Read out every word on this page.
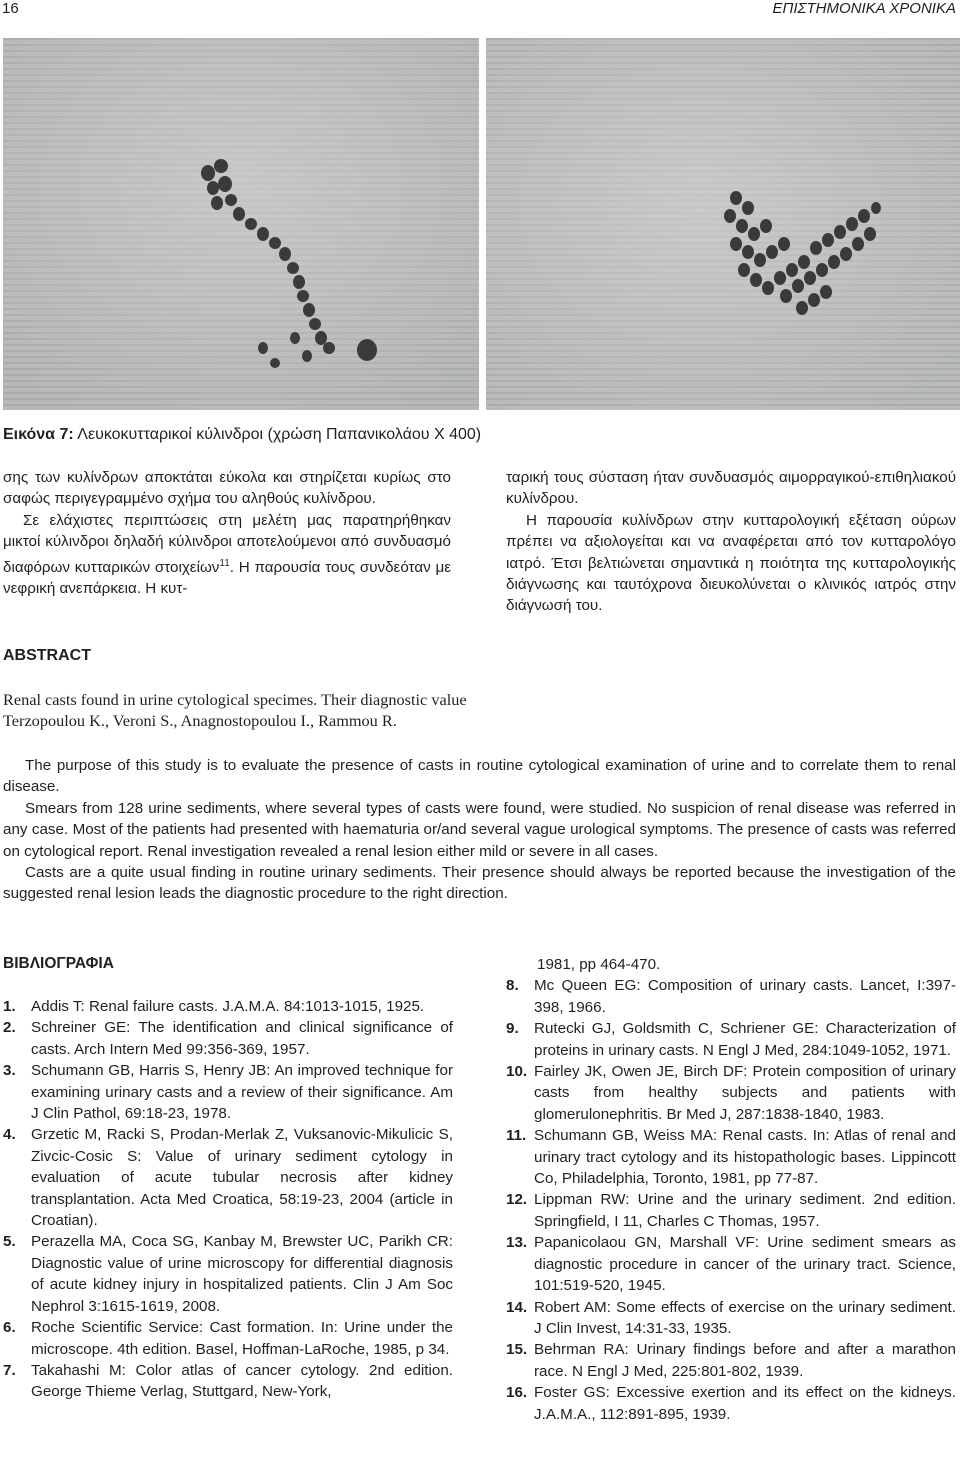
16	ΕΠΙΣΤΗΜΟΝΙΚΑ ΧΡΟΝΙΚΑ
Εικόνα 7: Λευκοκυτταρικοί κύλινδροι (χρώση Παπανικολάου Χ 400)

σης των κυλίνδρων αποκτάται εύκολα και στηρίζεται κυρίως στο σαφώς περιγεγραμμένο σχήμα του αληθούς κυλίνδρου.

Σε ελάχιστες περιπτώσεις στη μελέτη μας παρατηρήθηκαν μικτοί κύλινδροι δηλαδή κύλινδροι αποτελούμενοι από συνδυασμό διαφόρων κυτταρικών στοιχείων$^{11}$. Η παρουσία τους συνδεόταν με νεφρική ανεπάρκεια. Η κυτ-

ταρική τους σύσταση ήταν συνδυασμός αιμορραγικού-επιθηλιακού κυλίνδρου.

Η παρουσία κυλίνδρων στην κυτταρολογική εξέταση ούρων πρέπει να αξιολογείται και να αναφέρεται από τον κυτταρολόγο ιατρό. Έτσι βελτιώνεται σημαντικά η ποιότητα της κυτταρολογικής διάγνωσης και ταυτόχρονα διευκολύνεται ο κλινικός ιατρός στην διάγνωσή του.

ABSTRACT
Renal casts found in urine cytological specimes. Their diagnostic value
Terzopoulou K., Veroni S., Anagnostopoulou I., Rammou R.

The purpose of this study is to evaluate the presence of casts in routine cytological examination of urine and to correlate them to renal disease.

Smears from 128 urine sediments, where several types of casts were found, were studied. No suspicion of renal disease was referred in any case. Most of the patients had presented with haematuria or/and several vague urological symptoms. The presence of casts was referred on cytological report. Renal investigation revealed a renal lesion either mild or severe in all cases.

Casts are a quite usual finding in routine urinary sediments. Their presence should always be reported because the investigation of the suggested renal lesion leads the diagnostic procedure to the right direction.

ΒΙΒΛΙΟΓΡΑΦΙΑ
1. Addis T: Renal failure casts. J.A.M.A. 84:1013-1015, 1925.
2. Schreiner GE: The identification and clinical significance of casts. Arch Intern Med 99:356-369, 1957.
3. Schumann GB, Harris S, Henry JB: An improved technique for examining urinary casts and a review of their significance. Am J Clin Pathol, 69:18-23, 1978.
4. Grzetic M, Racki S, Prodan-Merlak Z, Vuksanovic-Mikulicic S, Zivcic-Cosic S: Value of urinary sediment cytology in evaluation of acute tubular necrosis after kidney transplantation. Acta Med Croatica, 58:19-23, 2004 (article in Croatian).
5. Perazella MA, Coca SG, Kanbay M, Brewster UC, Parikh CR: Diagnostic value of urine microscopy for differential diagnosis of acute kidney injury in hospitalized patients. Clin J Am Soc Nephrol 3:1615-1619, 2008.
6. Roche Scientific Service: Cast formation. In: Urine under the microscope. 4th edition. Basel, Hoffman-LaRoche, 1985, p 34.
7. Takahashi M: Color atlas of cancer cytology. 2nd edition. George Thieme Verlag, Stuttgard, New-York,
1981, pp 464-470.
8. Mc Queen EG: Composition of urinary casts. Lancet, I:397-398, 1966.
9. Rutecki GJ, Goldsmith C, Schriener GE: Characterization of proteins in urinary casts. N Engl J Med, 284:1049-1052, 1971.
10. Fairley JK, Owen JE, Birch DF: Protein composition of urinary casts from healthy subjects and patients with glomerulonephritis. Br Med J, 287:1838-1840, 1983.
11. Schumann GB, Weiss MA: Renal casts. In: Atlas of renal and urinary tract cytology and its histopathologic bases. Lippincott Co, Philadelphia, Toronto, 1981, pp 77-87.
12. Lippman RW: Urine and the urinary sediment. 2nd edition. Springfield, I 11, Charles C Thomas, 1957.
13. Papanicolaou GN, Marshall VF: Urine sediment smears as diagnostic procedure in cancer of the urinary tract. Science, 101:519-520, 1945.
14. Robert AM: Some effects of exercise on the urinary sediment. J Clin Invest, 14:31-33, 1935.
15. Behrman RA: Urinary findings before and after a marathon race. N Engl J Med, 225:801-802, 1939.
16. Foster GS: Excessive exertion and its effect on the kidneys. J.A.M.A., 112:891-895, 1939.
